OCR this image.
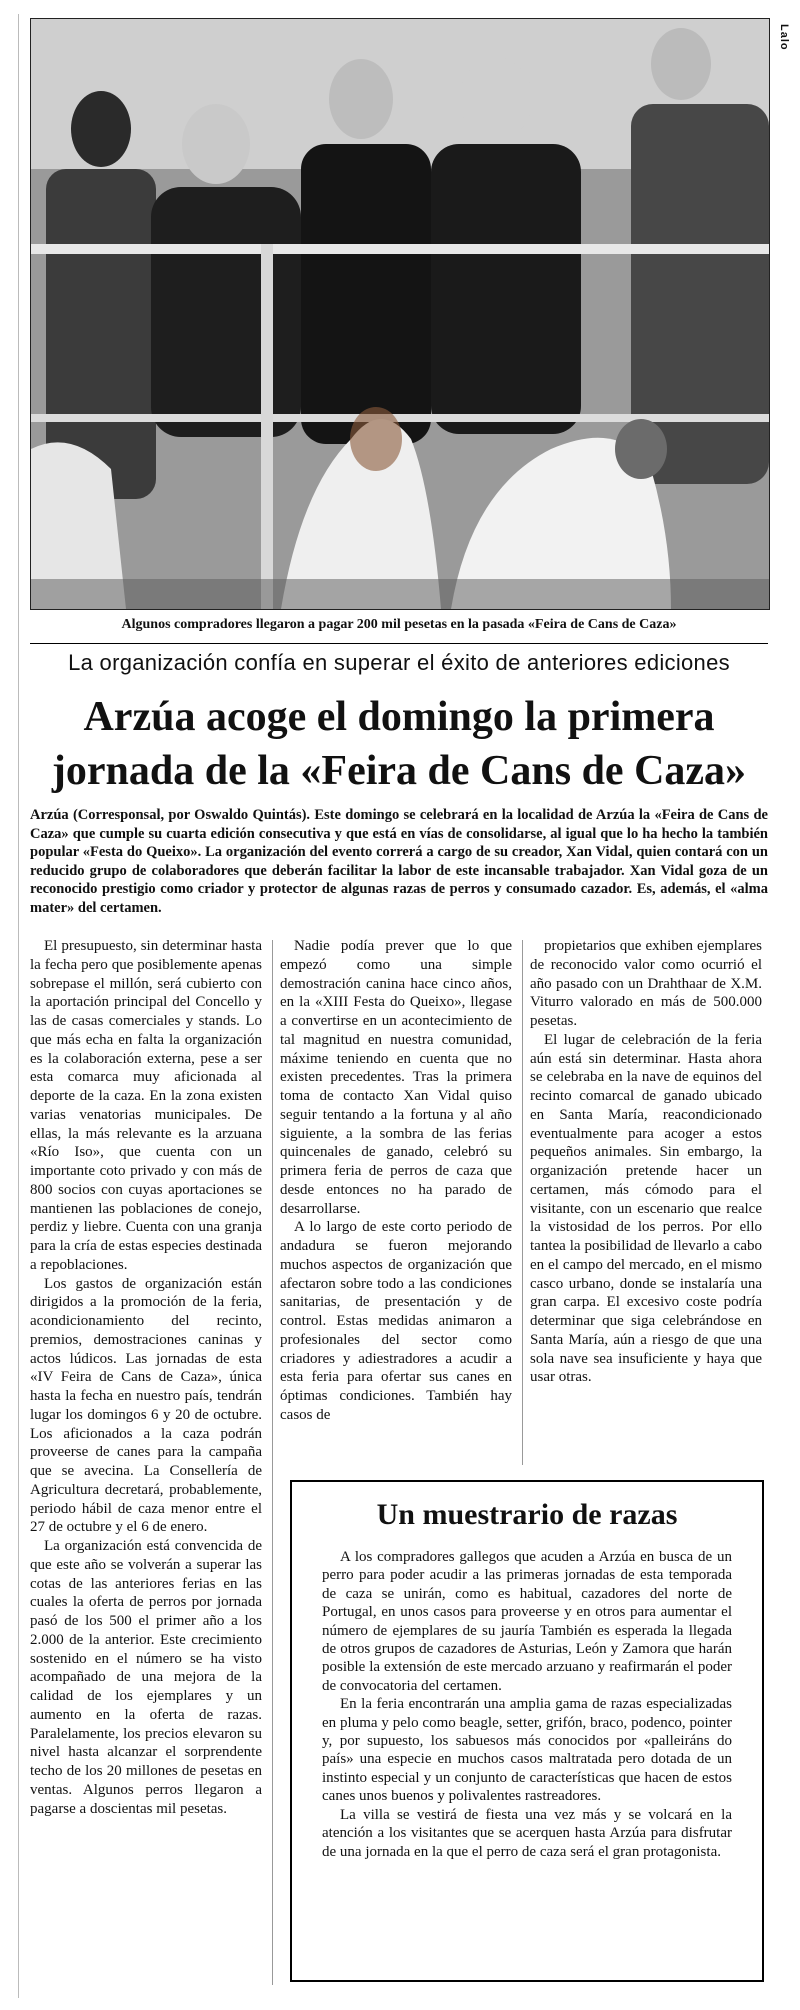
Lalo
Algunos compradores llegaron a pagar 200 mil pesetas en la pasada «Feira de Cans de Caza»
La organización confía en superar el éxito de anteriores ediciones
Arzúa acoge el domingo la primera
jornada de la «Feira de Cans de Caza»
Arzúa (Corresponsal, por Oswaldo Quintás). Este domingo se celebrará en la localidad de Arzúa la «Feira de Cans de Caza» que cumple su cuarta edición consecutiva y que está en vías de consolidarse, al igual que lo ha hecho la también popular «Festa do Queixo». La organización del evento correrá a cargo de su creador, Xan Vidal, quien contará con un reducido grupo de colaboradores que deberán facilitar la labor de este incansable trabajador. Xan Vidal goza de un reconocido prestigio como criador y protector de algunas razas de perros y consumado cazador. Es, además, el «alma mater» del certamen.

El presupuesto, sin determinar hasta la fecha pero que posiblemente apenas sobrepase el millón, será cubierto con la aportación principal del Concello y las de casas comerciales y stands. Lo que más echa en falta la organización es la colaboración externa, pese a ser esta comarca muy aficionada al deporte de la caza. En la zona existen varias venatorias municipales. De ellas, la más relevante es la arzuana «Río Iso», que cuenta con un importante coto privado y con más de 800 socios con cuyas aportaciones se mantienen las poblaciones de conejo, perdiz y liebre. Cuenta con una granja para la cría de estas especies destinada a repoblaciones.

Los gastos de organización están dirigidos a la promoción de la feria, acondicionamiento del recinto, premios, demostraciones caninas y actos lúdicos. Las jornadas de esta «IV Feira de Cans de Caza», única hasta la fecha en nuestro país, tendrán lugar los domingos 6 y 20 de octubre. Los aficionados a la caza podrán proveerse de canes para la campaña que se avecina. La Consellería de Agricultura decretará, probablemente, periodo hábil de caza menor entre el 27 de octubre y el 6 de enero.

La organización está convencida de que este año se volverán a superar las cotas de las anteriores ferias en las cuales la oferta de perros por jornada pasó de los 500 el primer año a los 2.000 de la anterior. Este crecimiento sostenido en el número se ha visto acompañado de una mejora de la calidad de los ejemplares y un aumento en la oferta de razas. Paralelamente, los precios elevaron su nivel hasta alcanzar el sorprendente techo de los 20 millones de pesetas en ventas. Algunos perros llegaron a pagarse a doscientas mil pesetas.

Nadie podía prever que lo que empezó como una simple demostración canina hace cinco años, en la «XIII Festa do Queixo», llegase a convertirse en un acontecimiento de tal magnitud en nuestra comunidad, máxime teniendo en cuenta que no existen precedentes. Tras la primera toma de contacto Xan Vidal quiso seguir tentando a la fortuna y al año siguiente, a la sombra de las ferias quincenales de ganado, celebró su primera feria de perros de caza que desde entonces no ha parado de desarrollarse.

A lo largo de este corto periodo de andadura se fueron mejorando muchos aspectos de organización que afectaron sobre todo a las condiciones sanitarias, de presentación y de control. Estas medidas animaron a profesionales del sector como criadores y adiestradores a acudir a esta feria para ofertar sus canes en óptimas condiciones. También hay casos de

propietarios que exhiben ejemplares de reconocido valor como ocurrió el año pasado con un Drahthaar de X.M. Viturro valorado en más de 500.000 pesetas.

El lugar de celebración de la feria aún está sin determinar. Hasta ahora se celebraba en la nave de equinos del recinto comarcal de ganado ubicado en Santa María, reacondicionado eventualmente para acoger a estos pequeños animales. Sin embargo, la organización pretende hacer un certamen, más cómodo para el visitante, con un escenario que realce la vistosidad de los perros. Por ello tantea la posibilidad de llevarlo a cabo en el campo del mercado, en el mismo casco urbano, donde se instalaría una gran carpa. El excesivo coste podría determinar que siga celebrándose en Santa María, aún a riesgo de que una sola nave sea insuficiente y haya que usar otras.

Un muestrario de razas

A los compradores gallegos que acuden a Arzúa en busca de un perro para poder acudir a las primeras jornadas de esta temporada de caza se unirán, como es habitual, cazadores del norte de Portugal, en unos casos para proveerse y en otros para aumentar el número de ejemplares de su jauría También es esperada la llegada de otros grupos de cazadores de Asturias, León y Zamora que harán posible la extensión de este mercado arzuano y reafirmarán el poder de convocatoria del certamen.

En la feria encontrarán una amplia gama de razas especializadas en pluma y pelo como beagle, setter, grifón, braco, podenco, pointer y, por supuesto, los sabuesos más conocidos por «palleiráns do país» una especie en muchos casos maltratada pero dotada de un instinto especial y un conjunto de características que hacen de estos canes unos buenos y polivalentes rastreadores.

La villa se vestirá de fiesta una vez más y se volcará en la atención a los visitantes que se acerquen hasta Arzúa para disfrutar de una jornada en la que el perro de caza será el gran protagonista.
